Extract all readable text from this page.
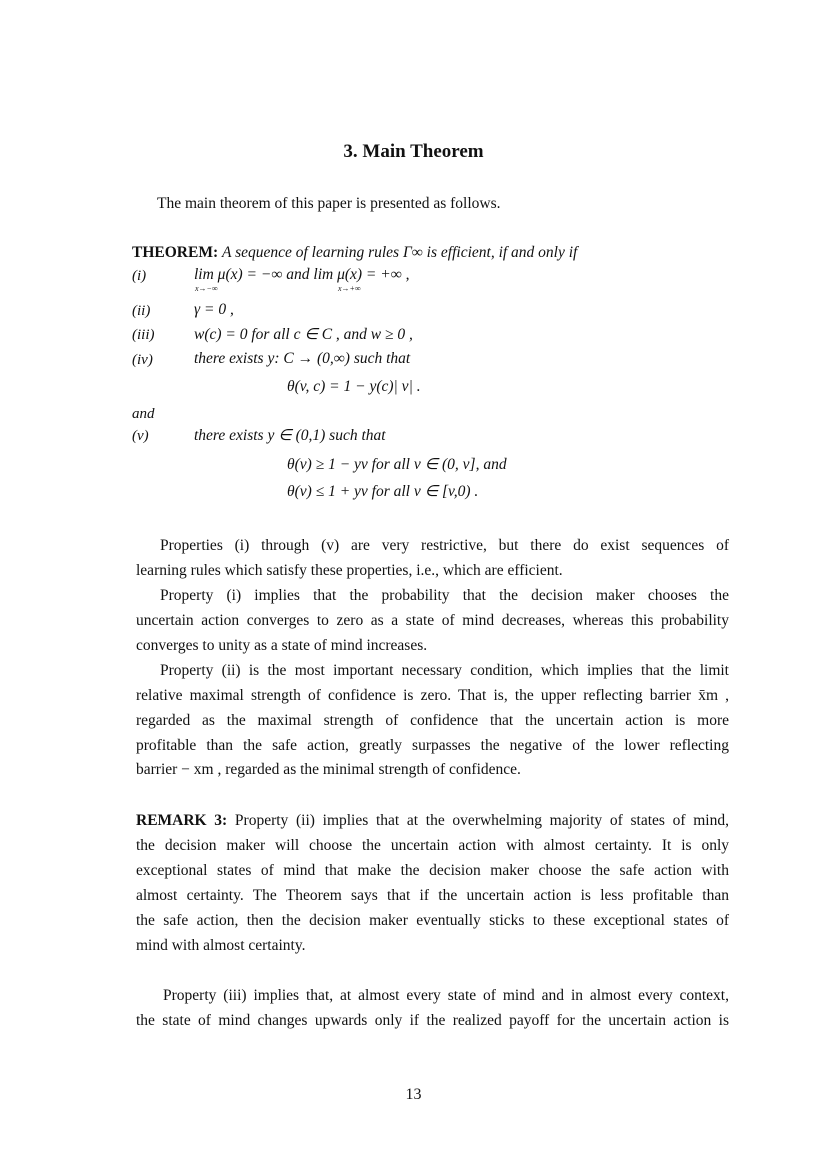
3. Main Theorem
The main theorem of this paper is presented as follows.
THEOREM: A sequence of learning rules Γ∞ is efficient, if and only if
(i)	lim μ(x) = −∞ and lim μ(x) = +∞ ,
x→−∞	x→+∞
(ii)	γ = 0 ,
(iii)	w(c) = 0 for all c ∈ C , and w ≥ 0 ,
(iv)	there exists y: C → (0,∞) such that
θ(v, c) = 1 − y(c)| v| .
and
(v)	there exists y ∈ (0,1) such that
θ(v) ≥ 1 − yv for all v ∈ (0, v], and
θ(v) ≤ 1 + yv for all v ∈ [v,0) .
Properties (i) through (v) are very restrictive, but there do exist sequences of
learning rules which satisfy these properties, i.e., which are efficient.
Property (i) implies that the probability that the decision maker chooses the
uncertain action converges to zero as a state of mind decreases, whereas this probability
converges to unity as a state of mind increases.
Property (ii) is the most important necessary condition, which implies that the limit
relative maximal strength of confidence is zero. That is, the upper reflecting barrier x̄m ,
regarded as the maximal strength of confidence that the uncertain action is more
profitable than the safe action, greatly surpasses the negative of the lower reflecting
barrier − xm , regarded as the minimal strength of confidence.
REMARK 3: Property (ii) implies that at the overwhelming majority of states of mind,
the decision maker will choose the uncertain action with almost certainty. It is only
exceptional states of mind that make the decision maker choose the safe action with
almost certainty. The Theorem says that if the uncertain action is less profitable than
the safe action, then the decision maker eventually sticks to these exceptional states of
mind with almost certainty.
Property (iii) implies that, at almost every state of mind and in almost every context,
the state of mind changes upwards only if the realized payoff for the uncertain action is
13
